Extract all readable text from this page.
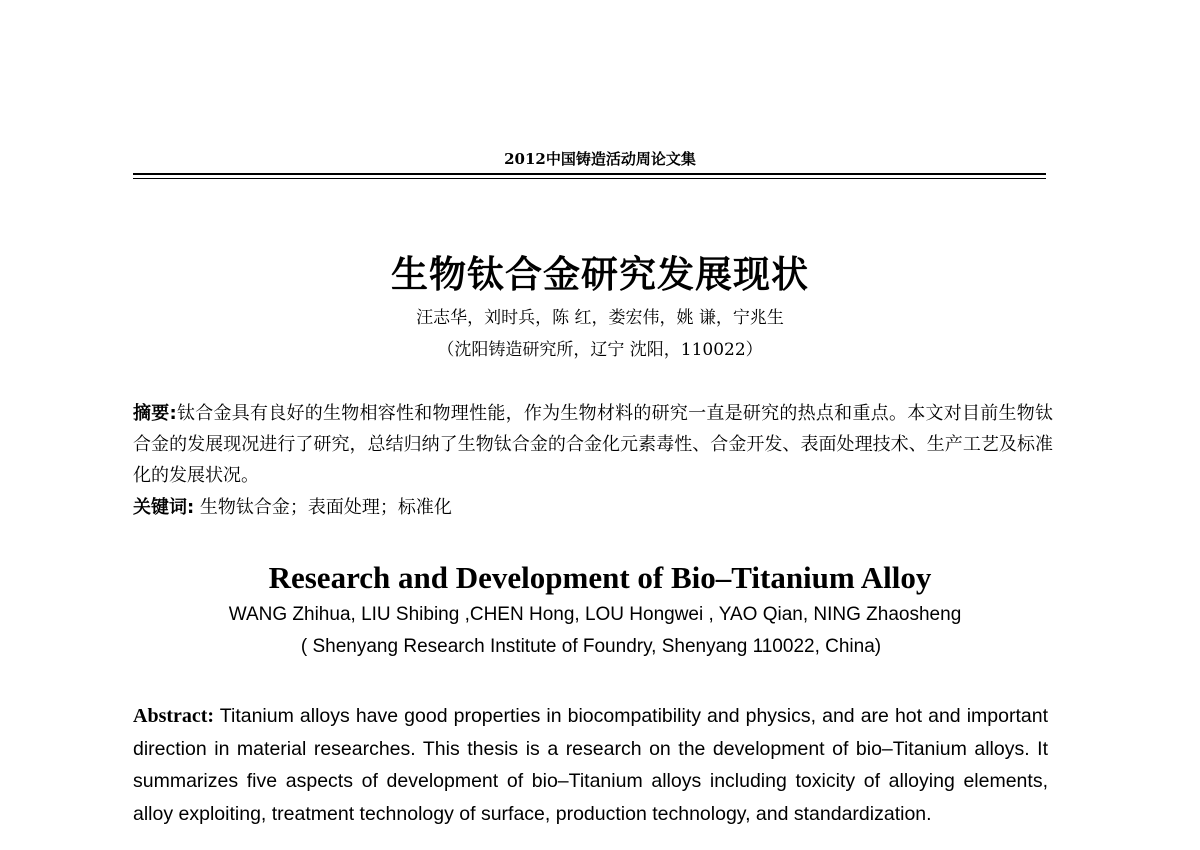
2012中国铸造活动周论文集
生物钛合金研究发展现状
汪志华，刘时兵，陈 红，娄宏伟，姚 谦，宁兆生
（沈阳铸造研究所，辽宁 沈阳，110022）
摘要:钛合金具有良好的生物相容性和物理性能，作为生物材料的研究一直是研究的热点和重点。本文对目前生物钛合金的发展现况进行了研究，总结归纳了生物钛合金的合金化元素毒性、合金开发、表面处理技术、生产工艺及标准化的发展状况。
关键词: 生物钛合金；表面处理；标准化
Research and Development of Bio–Titanium Alloy
WANG Zhihua, LIU Shibing ,CHEN Hong, LOU Hongwei , YAO Qian, NING Zhaosheng
( Shenyang Research Institute of Foundry, Shenyang 110022, China)
Abstract: Titanium alloys have good properties in biocompatibility and physics, and are hot and important direction in material researches. This thesis is a research on the development of bio–Titanium alloys. It summarizes five aspects of development of bio–Titanium alloys including toxicity of alloying elements, alloy exploiting, treatment technology of surface, production technology, and standardization.
